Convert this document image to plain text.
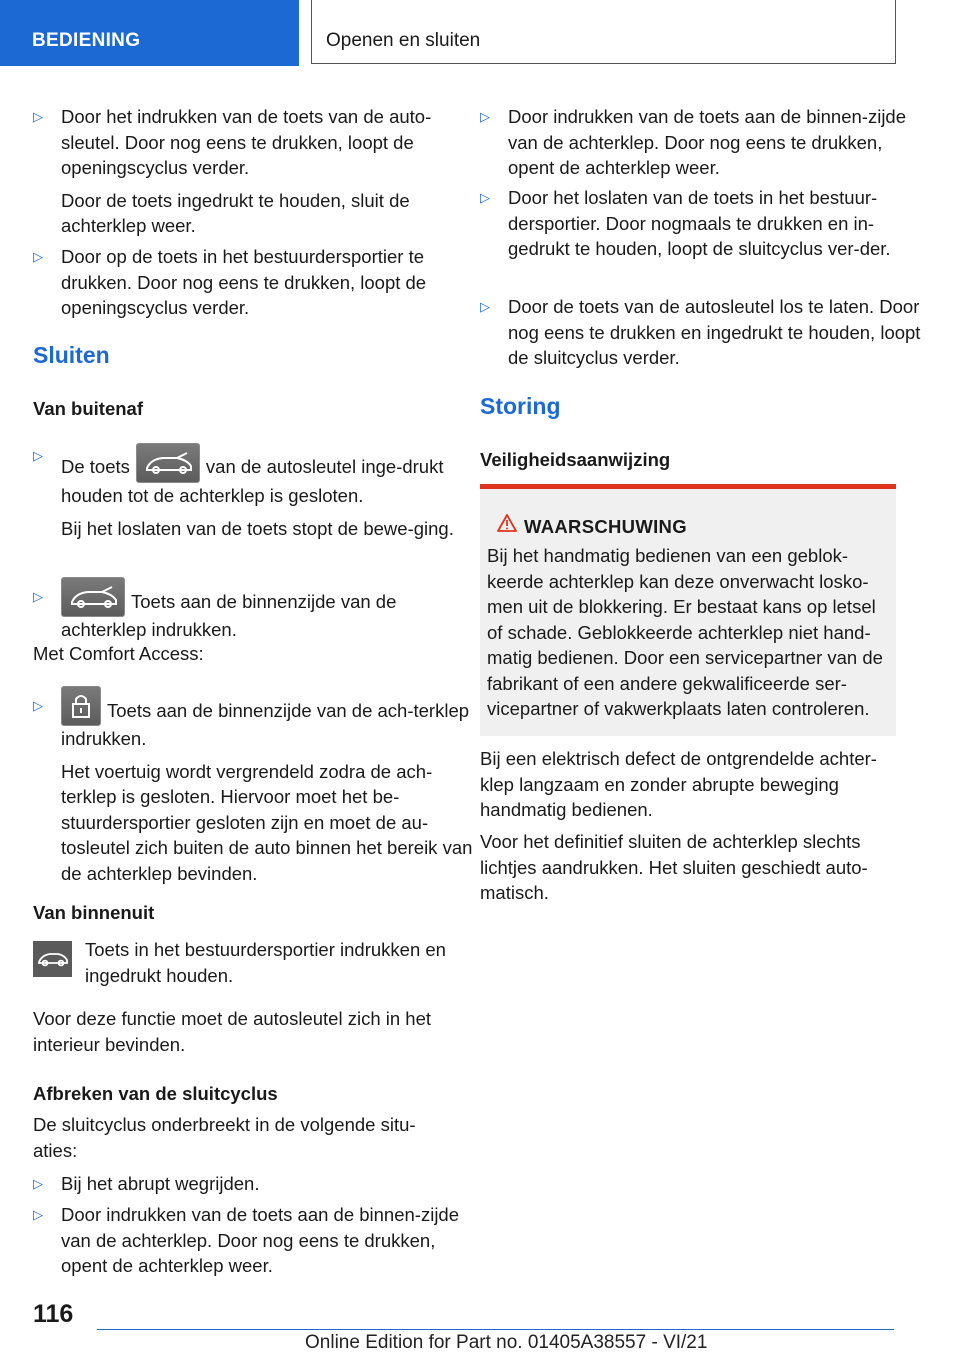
BEDIENING	Openen en sluiten
▷ Door het indrukken van de toets van de auto-sleutel. Door nog eens te drukken, loopt de openingscyclus verder.

Door de toets ingedrukt te houden, sluit de achterklep weer.

▷ Door op de toets in het bestuurdersportier te drukken. Door nog eens te drukken, loopt de openingscyclus verder.

Sluiten
Van buitenaf
▷

De toets	van de autosleutel inge-drukt houden tot de achterklep is gesloten.

Bij het loslaten van de toets stopt de bewe-ging.

▷	Toets aan de binnenzijde van de achterklep indrukken.

Met Comfort Access:
▷	Toets aan de binnenzijde van de ach-terklep indrukken.

Het voertuig wordt vergrendeld zodra de ach-terklep is gesloten. Hiervoor moet het be-stuurdersportier gesloten zijn en moet de au-tosleutel zich buiten de auto binnen het bereik van de achterklep bevinden.

Van binnenuit
Toets in het bestuurdersportier indrukken en ingedrukt houden.
Voor deze functie moet de autosleutel zich in het interieur bevinden.
Afbreken van de sluitcyclus
De sluitcyclus onderbreekt in de volgende situ-aties:
▷ Bij het abrupt wegrijden.

▷ Door indrukken van de toets aan de binnen-zijde van de achterklep. Door nog eens te drukken, opent de achterklep weer.

▷ Door indrukken van de toets aan de binnen-zijde van de achterklep. Door nog eens te drukken, opent de achterklep weer.

▷ Door het loslaten van de toets in het bestuur-dersportier. Door nogmaals te drukken en in-gedrukt te houden, loopt de sluitcyclus ver-der.

▷ Door de toets van de autosleutel los te laten. Door nog eens te drukken en ingedrukt te houden, loopt de sluitcyclus verder.

Storing
Veiligheidsaanwijzing
WAARSCHUWING
Bij het handmatig bedienen van een geblok-keerde achterklep kan deze onverwacht losko-men uit de blokkering. Er bestaat kans op letsel of schade. Geblokkeerde achterklep niet hand-matig bedienen. Door een servicepartner van de fabrikant of een andere gekwalificeerde ser-vicepartner of vakwerkplaats laten controleren.
Bij een elektrisch defect de ontgrendelde achter-klep langzaam en zonder abrupte beweging handmatig bedienen.
Voor het definitief sluiten de achterklep slechts lichtjes aandrukken. Het sluiten geschiedt auto-matisch.
116
Online Edition for Part no. 01405A38557 - VI/21
